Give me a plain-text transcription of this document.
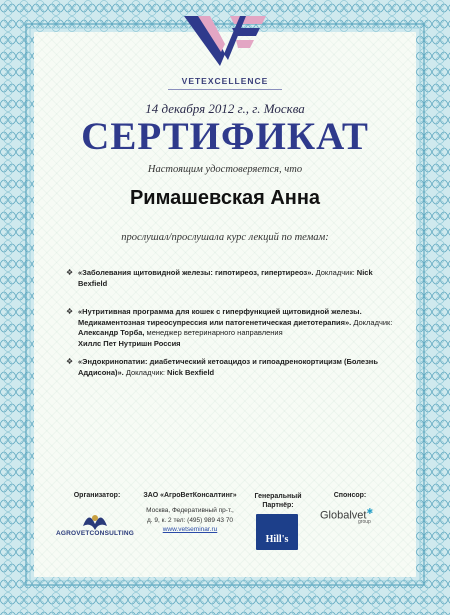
VETEXCELLENCE
14 декабря 2012 г., г. Москва
СЕРТИФИКАТ
Настоящим удостоверяется, что
Римашевская Анна
прослушал/прослушала курс лекций по темам:
❖ «Заболевания щитовидной железы: гипотиреоз, гипертиреоз». Докладчик: Nick Bexfield
❖ «Нутритивная программа для кошек с гиперфункцией щитовидной железы. Медикаментозная тиреосупрессия или патогенетическая диетотерапия». Докладчик: Александр Торба, менеджер ветеринарного направления
Хиллс Пет Нутришн Россия
❖ «Эндокринопатии: диабетический кетоацидоз и гипоадренокортицизм (Болезнь Аддисона)». Докладчик: Nick Bexfield
Организатор:	ЗАО «АгроВетКонсалтинг»	Генеральный Партнёр:
Спонсор:
AGROVETCONSULTING
Москва, Федеративный пр-т.,
д. 9, к. 2 тел: (495) 989 43 70
www.vetseminar.ru
Hill's
Globalvet✱
group
